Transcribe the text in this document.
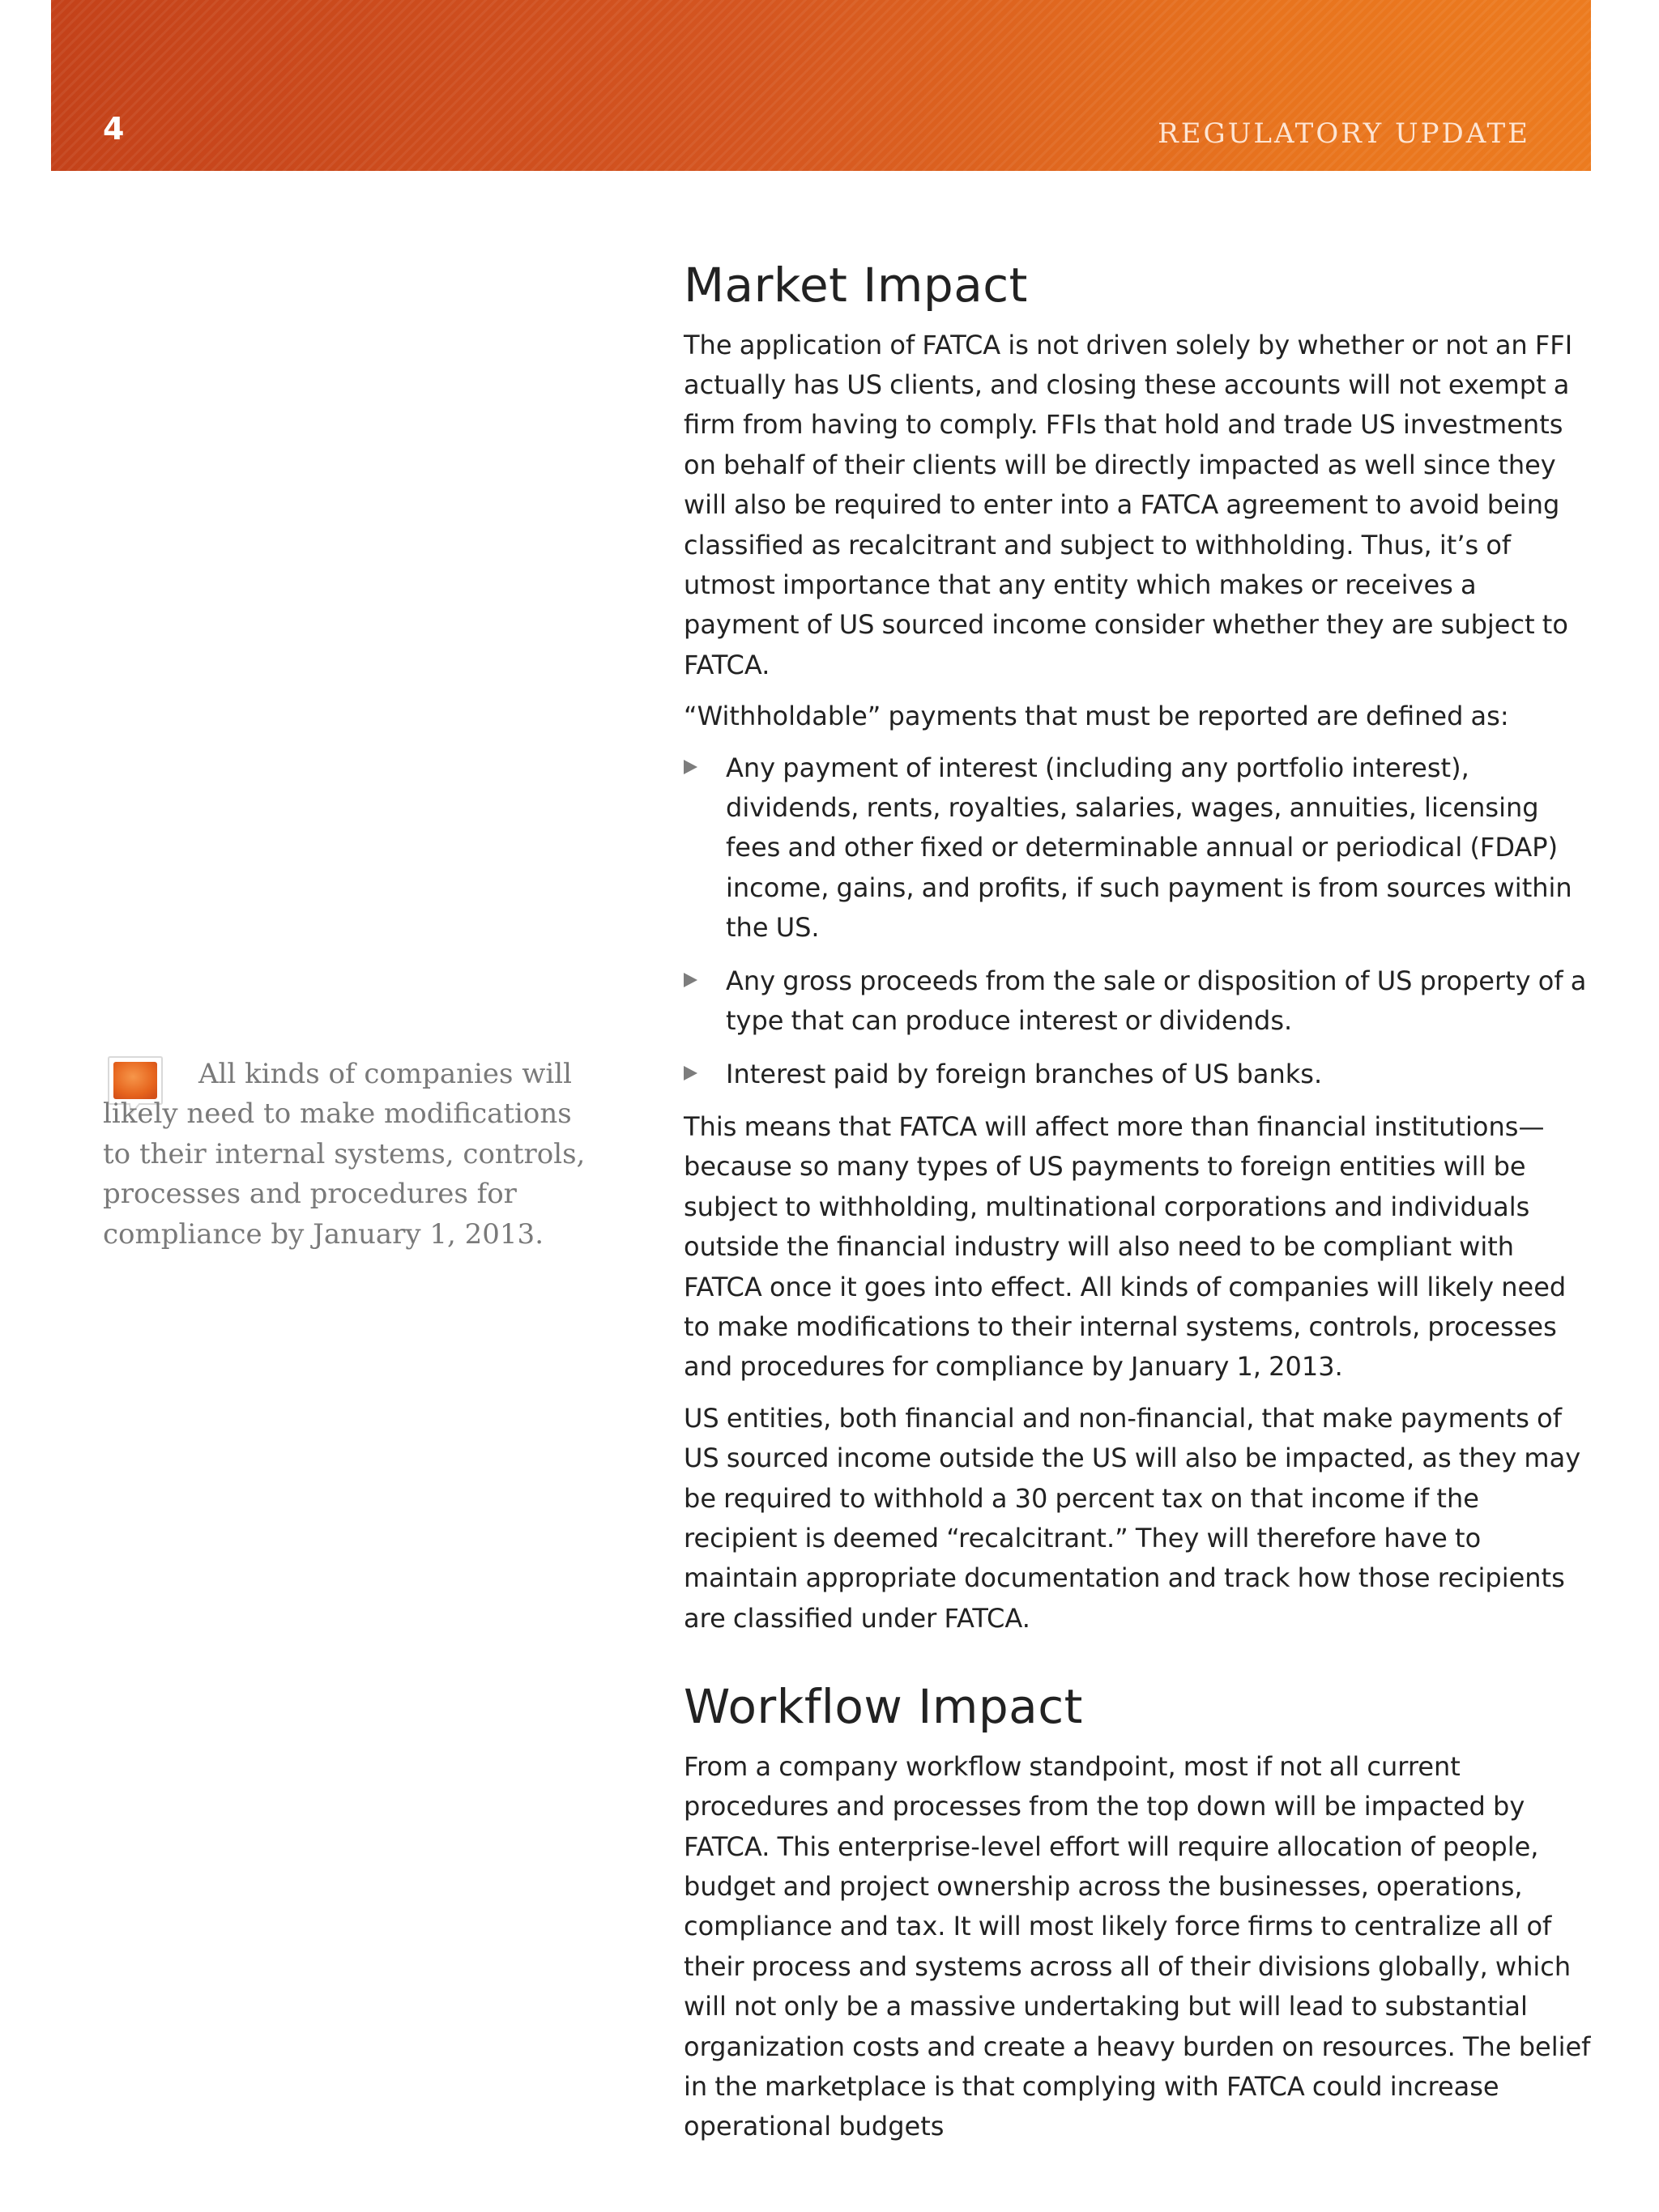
4	REGULATORY UPDATE
All kinds of companies will likely need to make modifications to their internal systems, controls, processes and procedures for compliance by January 1, 2013.
Market Impact

The application of FATCA is not driven solely by whether or not an FFI actually has US clients, and closing these accounts will not exempt a firm from having to comply. FFIs that hold and trade US investments on behalf of their clients will be directly impacted as well since they will also be required to enter into a FATCA agreement to avoid being classified as recalcitrant and subject to withholding. Thus, it’s of utmost importance that any entity which makes or receives a payment of US sourced income consider whether they are subject to FATCA.

“Withholdable” payments that must be reported are defined as:

Any payment of interest (including any portfolio interest), dividends, rents, royalties, salaries, wages, annuities, licensing fees and other fixed or determinable annual or periodical (FDAP) income, gains, and profits, if such payment is from sources within the US.
Any gross proceeds from the sale or disposition of US property of a type that can produce interest or dividends.
Interest paid by foreign branches of US banks.

This means that FATCA will affect more than financial institutions—because so many types of US payments to foreign entities will be subject to withholding, multinational corporations and individuals outside the financial industry will also need to be compliant with FATCA once it goes into effect. All kinds of companies will likely need to make modifications to their internal systems, controls, processes and procedures for compliance by January 1, 2013.

US entities, both financial and non-financial, that make payments of US sourced income outside the US will also be impacted, as they may be required to withhold a 30 percent tax on that income if the recipient is deemed “recalcitrant.” They will therefore have to maintain appropriate documentation and track how those recipients are classified under FATCA.

Workflow Impact

From a company workflow standpoint, most if not all current procedures and processes from the top down will be impacted by FATCA. This enterprise-level effort will require allocation of people, budget and project ownership across the businesses, operations, compliance and tax. It will most likely force firms to centralize all of their process and systems across all of their divisions globally, which will not only be a massive undertaking but will lead to substantial organization costs and create a heavy burden on resources. The belief in the marketplace is that complying with FATCA could increase operational budgets
